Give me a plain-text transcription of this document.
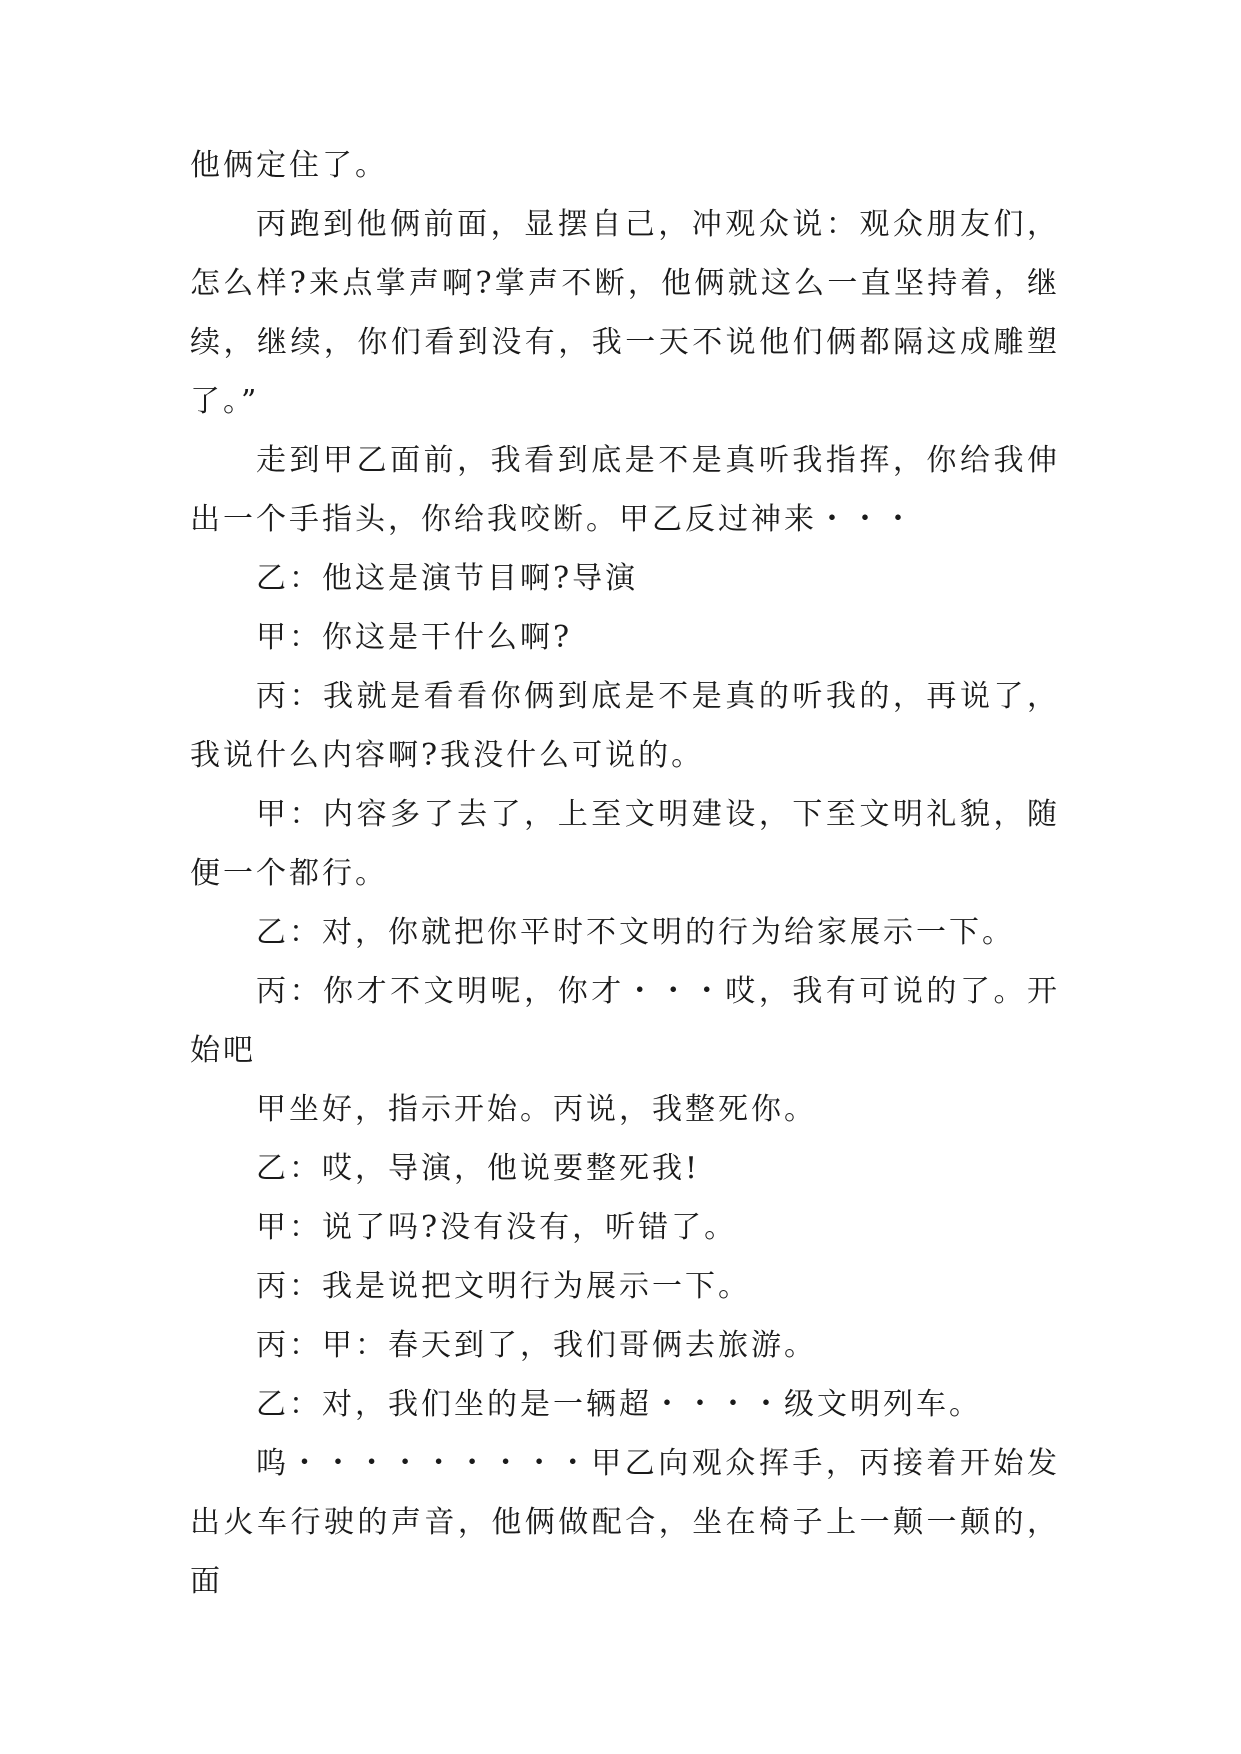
他俩定住了。

丙跑到他俩前面，显摆自己，冲观众说：观众朋友们，怎么样?来点掌声啊?掌声不断，他俩就这么一直坚持着，继续，继续，你们看到没有，我一天不说他们俩都隔这成雕塑了。”

走到甲乙面前，我看到底是不是真听我指挥，你给我伸出一个手指头，你给我咬断。甲乙反过神来・・・

乙：他这是演节目啊?导演

甲：你这是干什么啊?

丙：我就是看看你俩到底是不是真的听我的，再说了，我说什么内容啊?我没什么可说的。

甲：内容多了去了，上至文明建设，下至文明礼貌，随便一个都行。

乙：对，你就把你平时不文明的行为给家展示一下。

丙：你才不文明呢，你才・・・哎，我有可说的了。开始吧

甲坐好，指示开始。丙说，我整死你。

乙：哎，导演，他说要整死我!

甲：说了吗?没有没有，听错了。

丙：我是说把文明行为展示一下。

丙：甲：春天到了，我们哥俩去旅游。

乙：对，我们坐的是一辆超・・・・级文明列车。

呜・・・・・・・・・甲乙向观众挥手，丙接着开始发出火车行驶的声音，他俩做配合，坐在椅子上一颠一颠的，面
